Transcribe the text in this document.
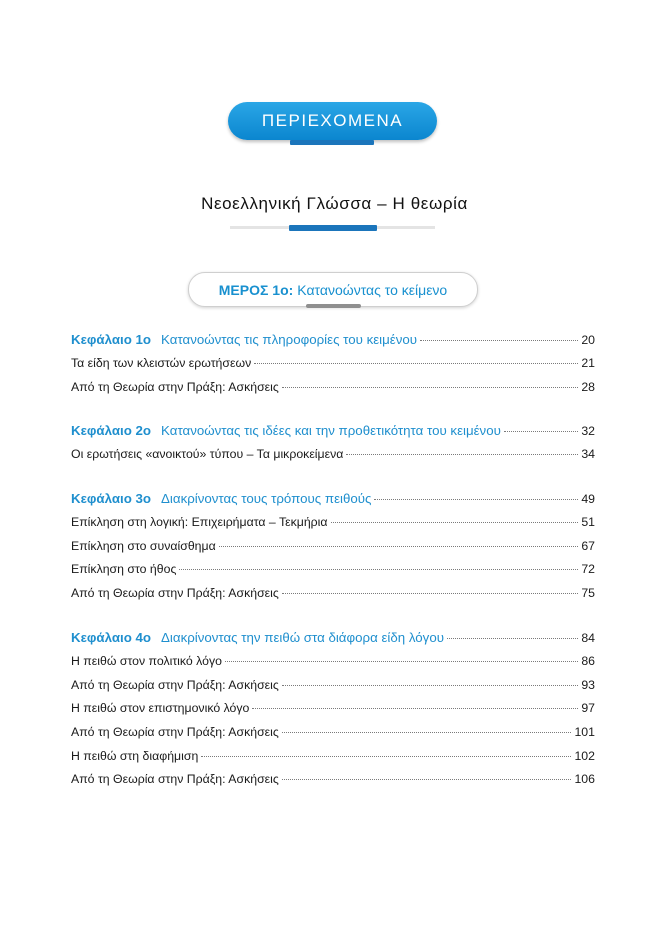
ΠΕΡΙΕΧΟΜΕΝΑ
Νεοελληνική Γλώσσα – Η θεωρία
ΜΕΡΟΣ 1ο: Κατανοώντας το κείμενο
Κεφάλαιο 1ο Κατανοώντας τις πληροφορίες του κειμένου	20
Τα είδη των κλειστών ερωτήσεων	21
Από τη Θεωρία στην Πράξη: Ασκήσεις	28
Κεφάλαιο 2ο Κατανοώντας τις ιδέες και την προθετικότητα του κειμένου	32
Οι ερωτήσεις «ανοικτού» τύπου – Τα μικροκείμενα	34
Κεφάλαιο 3ο Διακρίνοντας τους τρόπους πειθούς	49
Επίκληση στη λογική: Επιχειρήματα – Τεκμήρια	51
Επίκληση στο συναίσθημα	67
Επίκληση στο ήθος	72
Από τη Θεωρία στην Πράξη: Ασκήσεις	75
Κεφάλαιο 4ο Διακρίνοντας την πειθώ στα διάφορα είδη λόγου	84
Η πειθώ στον πολιτικό λόγο	86
Από τη Θεωρία στην Πράξη: Ασκήσεις	93
Η πειθώ στον επιστημονικό λόγο	97
Από τη Θεωρία στην Πράξη: Ασκήσεις	101
Η πειθώ στη διαφήμιση	102
Από τη Θεωρία στην Πράξη: Ασκήσεις	106
